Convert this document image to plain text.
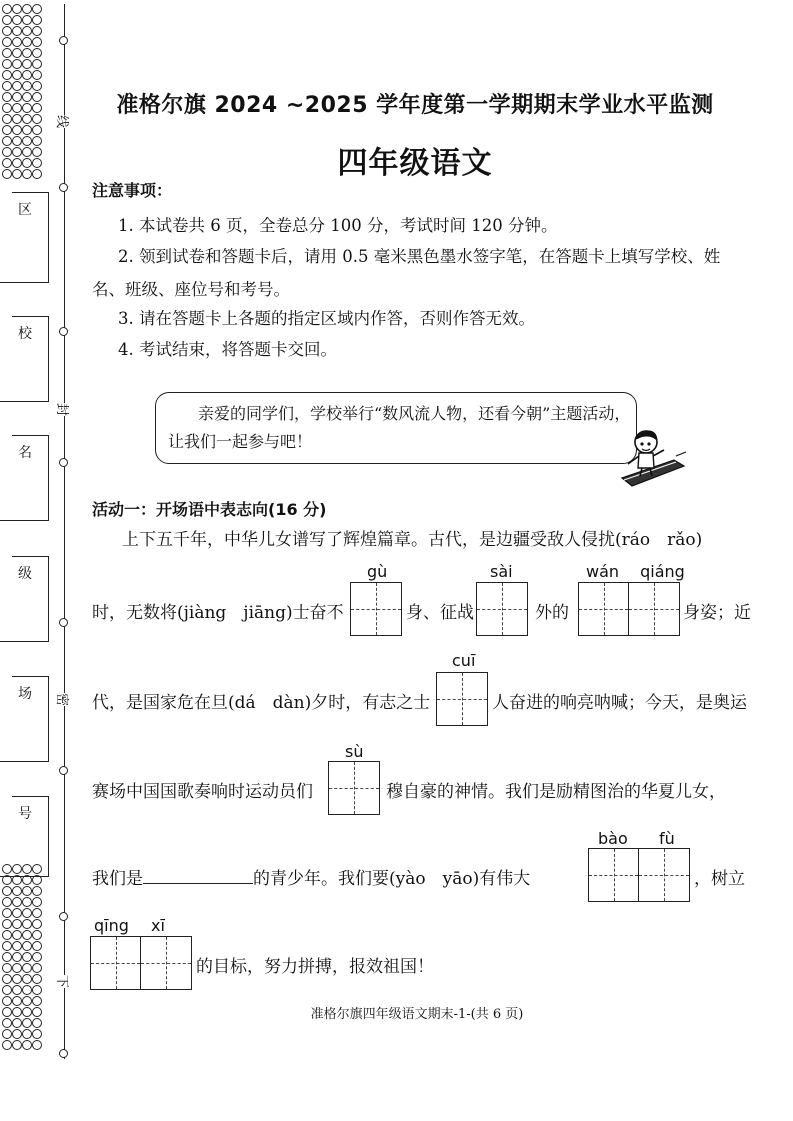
线
封
密
下
区
校
名
级
场
号
准格尔旗 2024 ~2025 学年度第一学期期末学业水平监测
四年级语文
注意事项：
1. 本试卷共 6 页，全卷总分 100 分，考试时间 120 分钟。
2. 领到试卷和答题卡后，请用 0.5 毫米黑色墨水签字笔，在答题卡上填写学校、姓名、班级、座位号和考号。
3. 请在答题卡上各题的指定区域内作答，否则作答无效。
4. 考试结束，将答题卡交回。
亲爱的同学们，学校举行“数风流人物，还看今朝”主题活动，让我们一起参与吧！
活动一：开场语中表志向(16 分)
上下五千年，中华儿女谱写了辉煌篇章。古代，是边疆受敌人侵扰(ráo　rǎo)
gù	sài	wán qiáng
时，无数将(jiàng　jiāng)士奋不	身、征战	外的	身姿；近
cuī
代，是国家危在旦(dá　dàn)夕时，有志之士	人奋进的响亮呐喊；今天，是奥运
sù
赛场中国国歌奏响时运动员们	穆自豪的神情。我们是励精图治的华夏儿女，
bào fù
我们是	的青少年。我们要(yào　yāo)有伟大	，树立
qīng xī
的目标，努力拼搏，报效祖国！
准格尔旗四年级语文期末-1-(共 6 页)
